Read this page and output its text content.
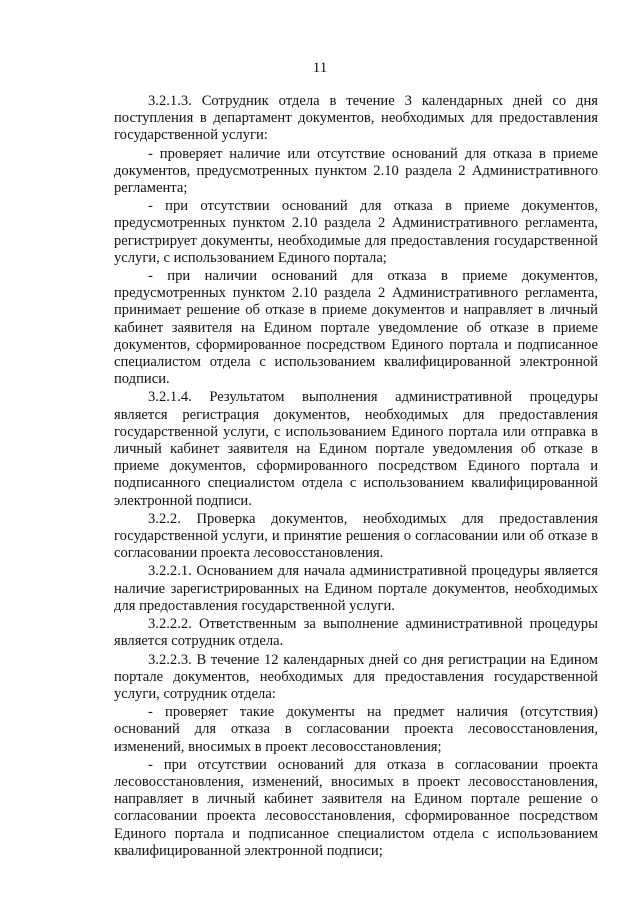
11

3.2.1.3. Сотрудник отдела в течение 3 календарных дней со дня поступления в департамент документов, необходимых для предоставления государственной услуги:

- проверяет наличие или отсутствие оснований для отказа в приеме документов, предусмотренных пунктом 2.10 раздела 2 Административного регламента;

- при отсутствии оснований для отказа в приеме документов, предусмотренных пунктом 2.10 раздела 2 Административного регламента, регистрирует документы, необходимые для предоставления государственной услуги, с использованием Единого портала;

- при наличии оснований для отказа в приеме документов, предусмотренных пунктом 2.10 раздела 2 Административного регламента, принимает решение об отказе в приеме документов и направляет в личный кабинет заявителя на Едином портале уведомление об отказе в приеме документов, сформированное посредством Единого портала и подписанное специалистом отдела с использованием квалифицированной электронной подписи.

3.2.1.4. Результатом выполнения административной процедуры является регистрация документов, необходимых для предоставления государственной услуги, с использованием Единого портала или отправка в личный кабинет заявителя на Едином портале уведомления об отказе в приеме документов, сформированного посредством Единого портала и подписанного специалистом отдела с использованием квалифицированной электронной подписи.

3.2.2. Проверка документов, необходимых для предоставления государственной услуги, и принятие решения о согласовании или об отказе в согласовании проекта лесовосстановления.

3.2.2.1. Основанием для начала административной процедуры является наличие зарегистрированных на Едином портале документов, необходимых для предоставления государственной услуги.

3.2.2.2. Ответственным за выполнение административной процедуры является сотрудник отдела.

3.2.2.3. В течение 12 календарных дней со дня регистрации на Едином портале документов, необходимых для предоставления государственной услуги, сотрудник отдела:

- проверяет такие документы на предмет наличия (отсутствия) оснований для отказа в согласовании проекта лесовосстановления, изменений, вносимых в проект лесовосстановления;

- при отсутствии оснований для отказа в согласовании проекта лесовосстановления, изменений, вносимых в проект лесовосстановления, направляет в личный кабинет заявителя на Едином портале решение о согласовании проекта лесовосстановления, сформированное посредством Единого портала и подписанное специалистом отдела с использованием квалифицированной электронной подписи;
